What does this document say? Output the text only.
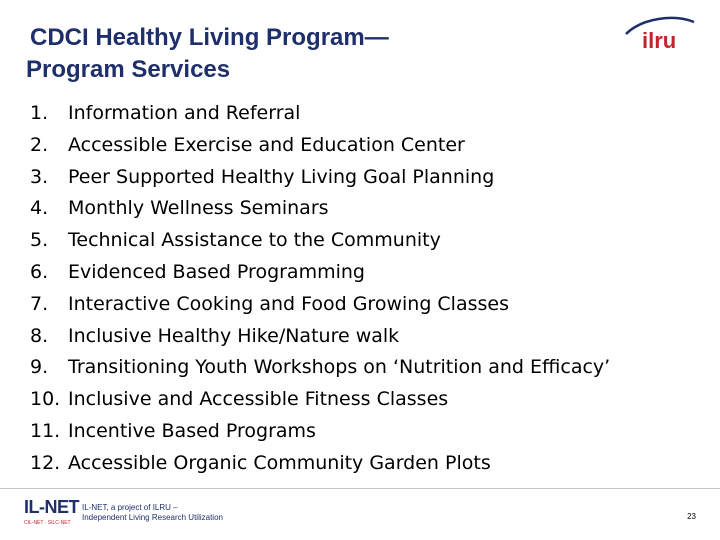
CDCI Healthy Living Program—
Program Services
ilru
1. Information and Referral
2. Accessible Exercise and Education Center
3. Peer Supported Healthy Living Goal Planning
4. Monthly Wellness Seminars
5. Technical Assistance to the Community
6. Evidenced Based Programming
7. Interactive Cooking and Food Growing Classes
8. Inclusive Healthy Hike/Nature walk
9. Transitioning Youth Workshops on ‘Nutrition and Efficacy’
10. Inclusive and Accessible Fitness Classes
11. Incentive Based Programs
12. Accessible Organic Community Garden Plots
IL-NET
CIL-NET · SILC-NET
IL-NET, a project of ILRU –
Independent Living Research Utilization	23
